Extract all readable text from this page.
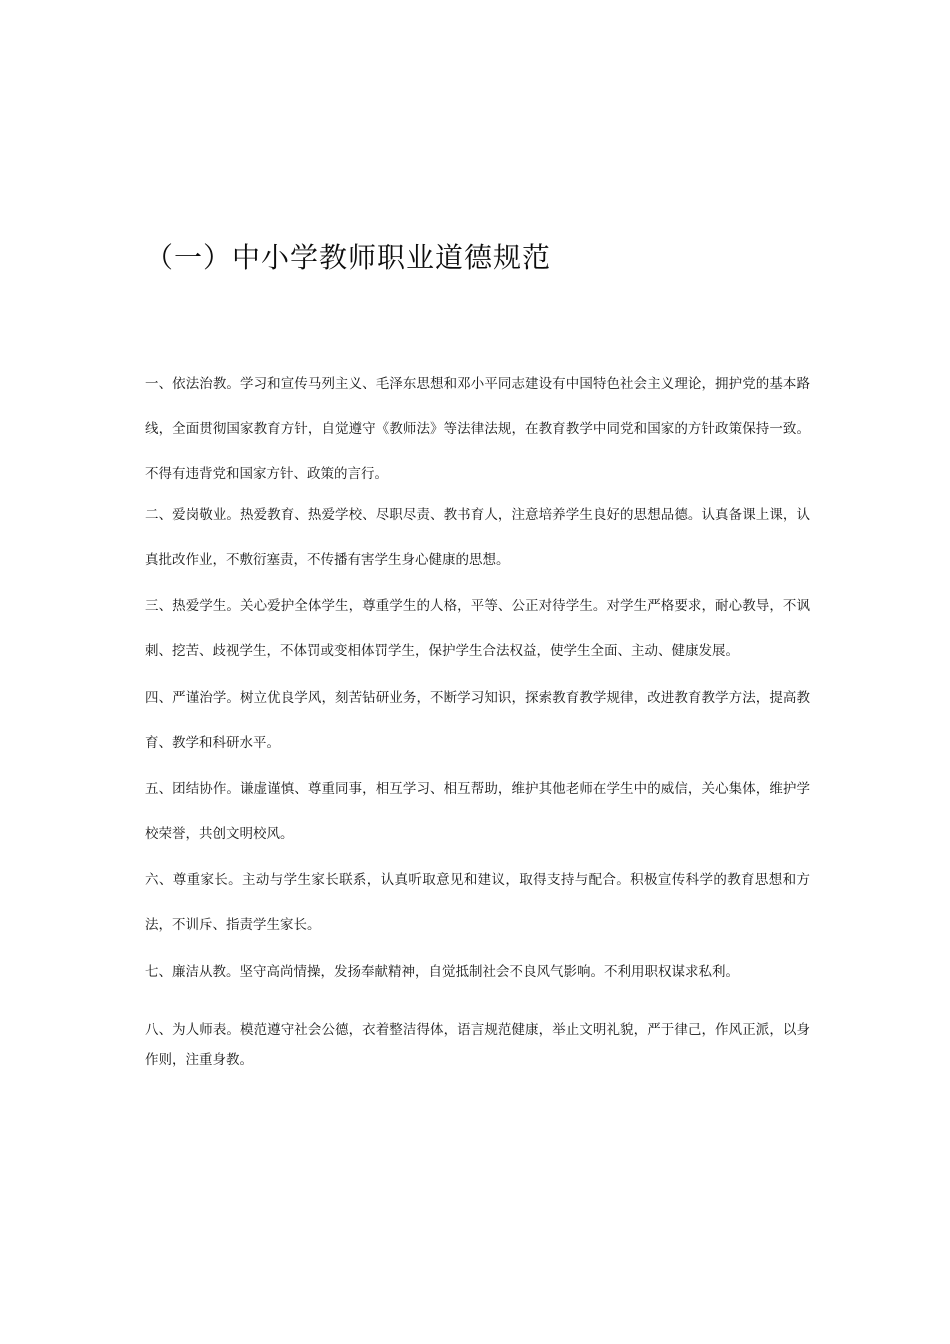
（一）中小学教师职业道德规范

一、依法治教。学习和宣传马列主义、毛泽东思想和邓小平同志建设有中国特色社会主义理论，拥护党的基本路线，全面贯彻国家教育方针，自觉遵守《教师法》等法律法规，在教育教学中同党和国家的方针政策保持一致。不得有违背党和国家方针、政策的言行。

二、爱岗敬业。热爱教育、热爱学校、尽职尽责、教书育人，注意培养学生良好的思想品德。认真备课上课，认真批改作业，不敷衍塞责，不传播有害学生身心健康的思想。

三、热爱学生。关心爱护全体学生，尊重学生的人格，平等、公正对待学生。对学生严格要求，耐心教导，不讽刺、挖苦、歧视学生，不体罚或变相体罚学生，保护学生合法权益，使学生全面、主动、健康发展。

四、严谨治学。树立优良学风，刻苦钻研业务，不断学习知识，探索教育教学规律，改进教育教学方法，提高教育、教学和科研水平。

五、团结协作。谦虚谨慎、尊重同事，相互学习、相互帮助，维护其他老师在学生中的威信，关心集体，维护学校荣誉，共创文明校风。

六、尊重家长。主动与学生家长联系，认真听取意见和建议，取得支持与配合。积极宣传科学的教育思想和方法，不训斥、指责学生家长。

七、廉洁从教。坚守高尚情操，发扬奉献精神，自觉抵制社会不良风气影响。不利用职权谋求私利。

八、为人师表。模范遵守社会公德，衣着整洁得体，语言规范健康，举止文明礼貌，严于律己，作风正派，以身作则，注重身教。
